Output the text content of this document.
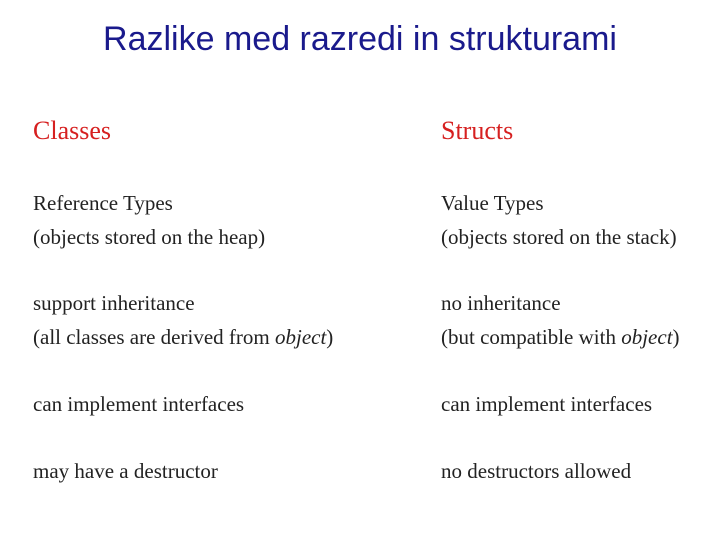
Razlike med razredi in strukturami
Classes
Reference Types
(objects stored on the heap)
support inheritance
(all classes are derived from object)
can implement interfaces
may have a destructor
Structs
Value Types
(objects stored on the stack)
no inheritance
(but compatible with object)
can implement interfaces
no destructors allowed
